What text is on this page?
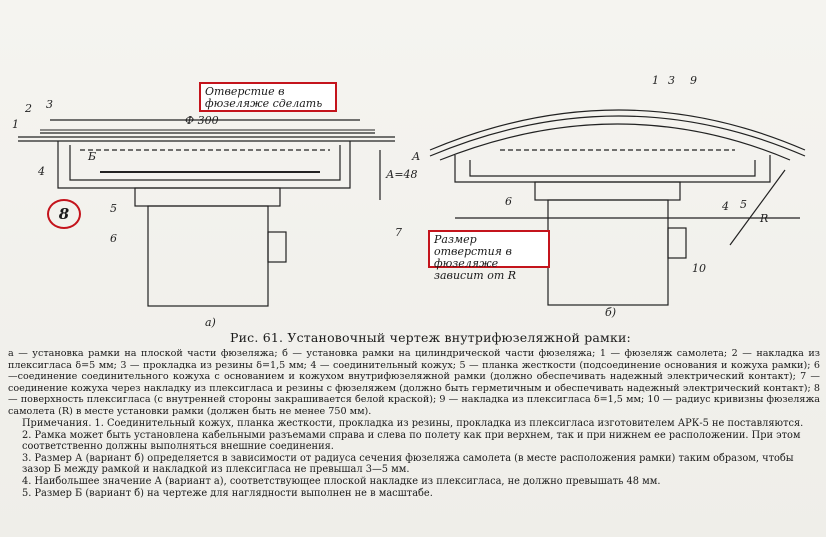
2 3
1
4
5
6	7
Ф 300
Б
А=48
а)
1 3 9
А
5
R
4
6
10
б)
Отверстие в фюзеляже сделать
Размер отверстия в фюзеляже зависит от R
8
Рис. 61. Установочный чертеж внутрифюзеляжной рамки:

а — установка рамки на плоской части фюзеляжа; б — установка рамки на цилиндрической части фюзеляжа; 1 — фюзеляж самолета; 2 — накладка из плексигласа δ=5 мм; 3 — прокладка из резины δ=1,5 мм; 4 — соединительный кожух; 5 — планка жесткости (подсоединение основания и кожуха рамки); 6—соединение соединительного кожуха с основанием и кожухом внутрифюзеляжной рамки (должно обеспечивать надежный электрический контакт); 7 — соединение кожуха через накладку из плексигласа и резины с фюзеляжем (должно быть герметичным и обеспечивать надежный электрический контакт); 8 — поверхность плексигласа (с внутренней стороны закрашивается белой краской); 9 — накладка из плексигласа δ=1,5 мм; 10 — радиус кривизны фюзеляжа самолета (R) в месте установки рамки (должен быть не менее 750 мм).

Примечания. 1. Соединительный кожух, планка жесткости, прокладка из резины, прокладка из плексигласа изготовителем АРК-5 не поставляются.

2. Рамка может быть установлена кабельными разъемами справа и слева по полету как при верхнем, так и при нижнем ее расположении. При этом соответственно должны выполняться внешние соединения.

3. Размер А (вариант б) определяется в зависимости от радиуса сечения фюзеляжа самолета (в месте расположения рамки) таким образом, чтобы зазор Б между рамкой и накладкой из плексигласа не превышал 3—5 мм.

4. Наибольшее значение А (вариант а), соответствующее плоской накладке из плексигласа, не должно превышать 48 мм.

5. Размер Б (вариант б) на чертеже для наглядности выполнен не в масштабе.
